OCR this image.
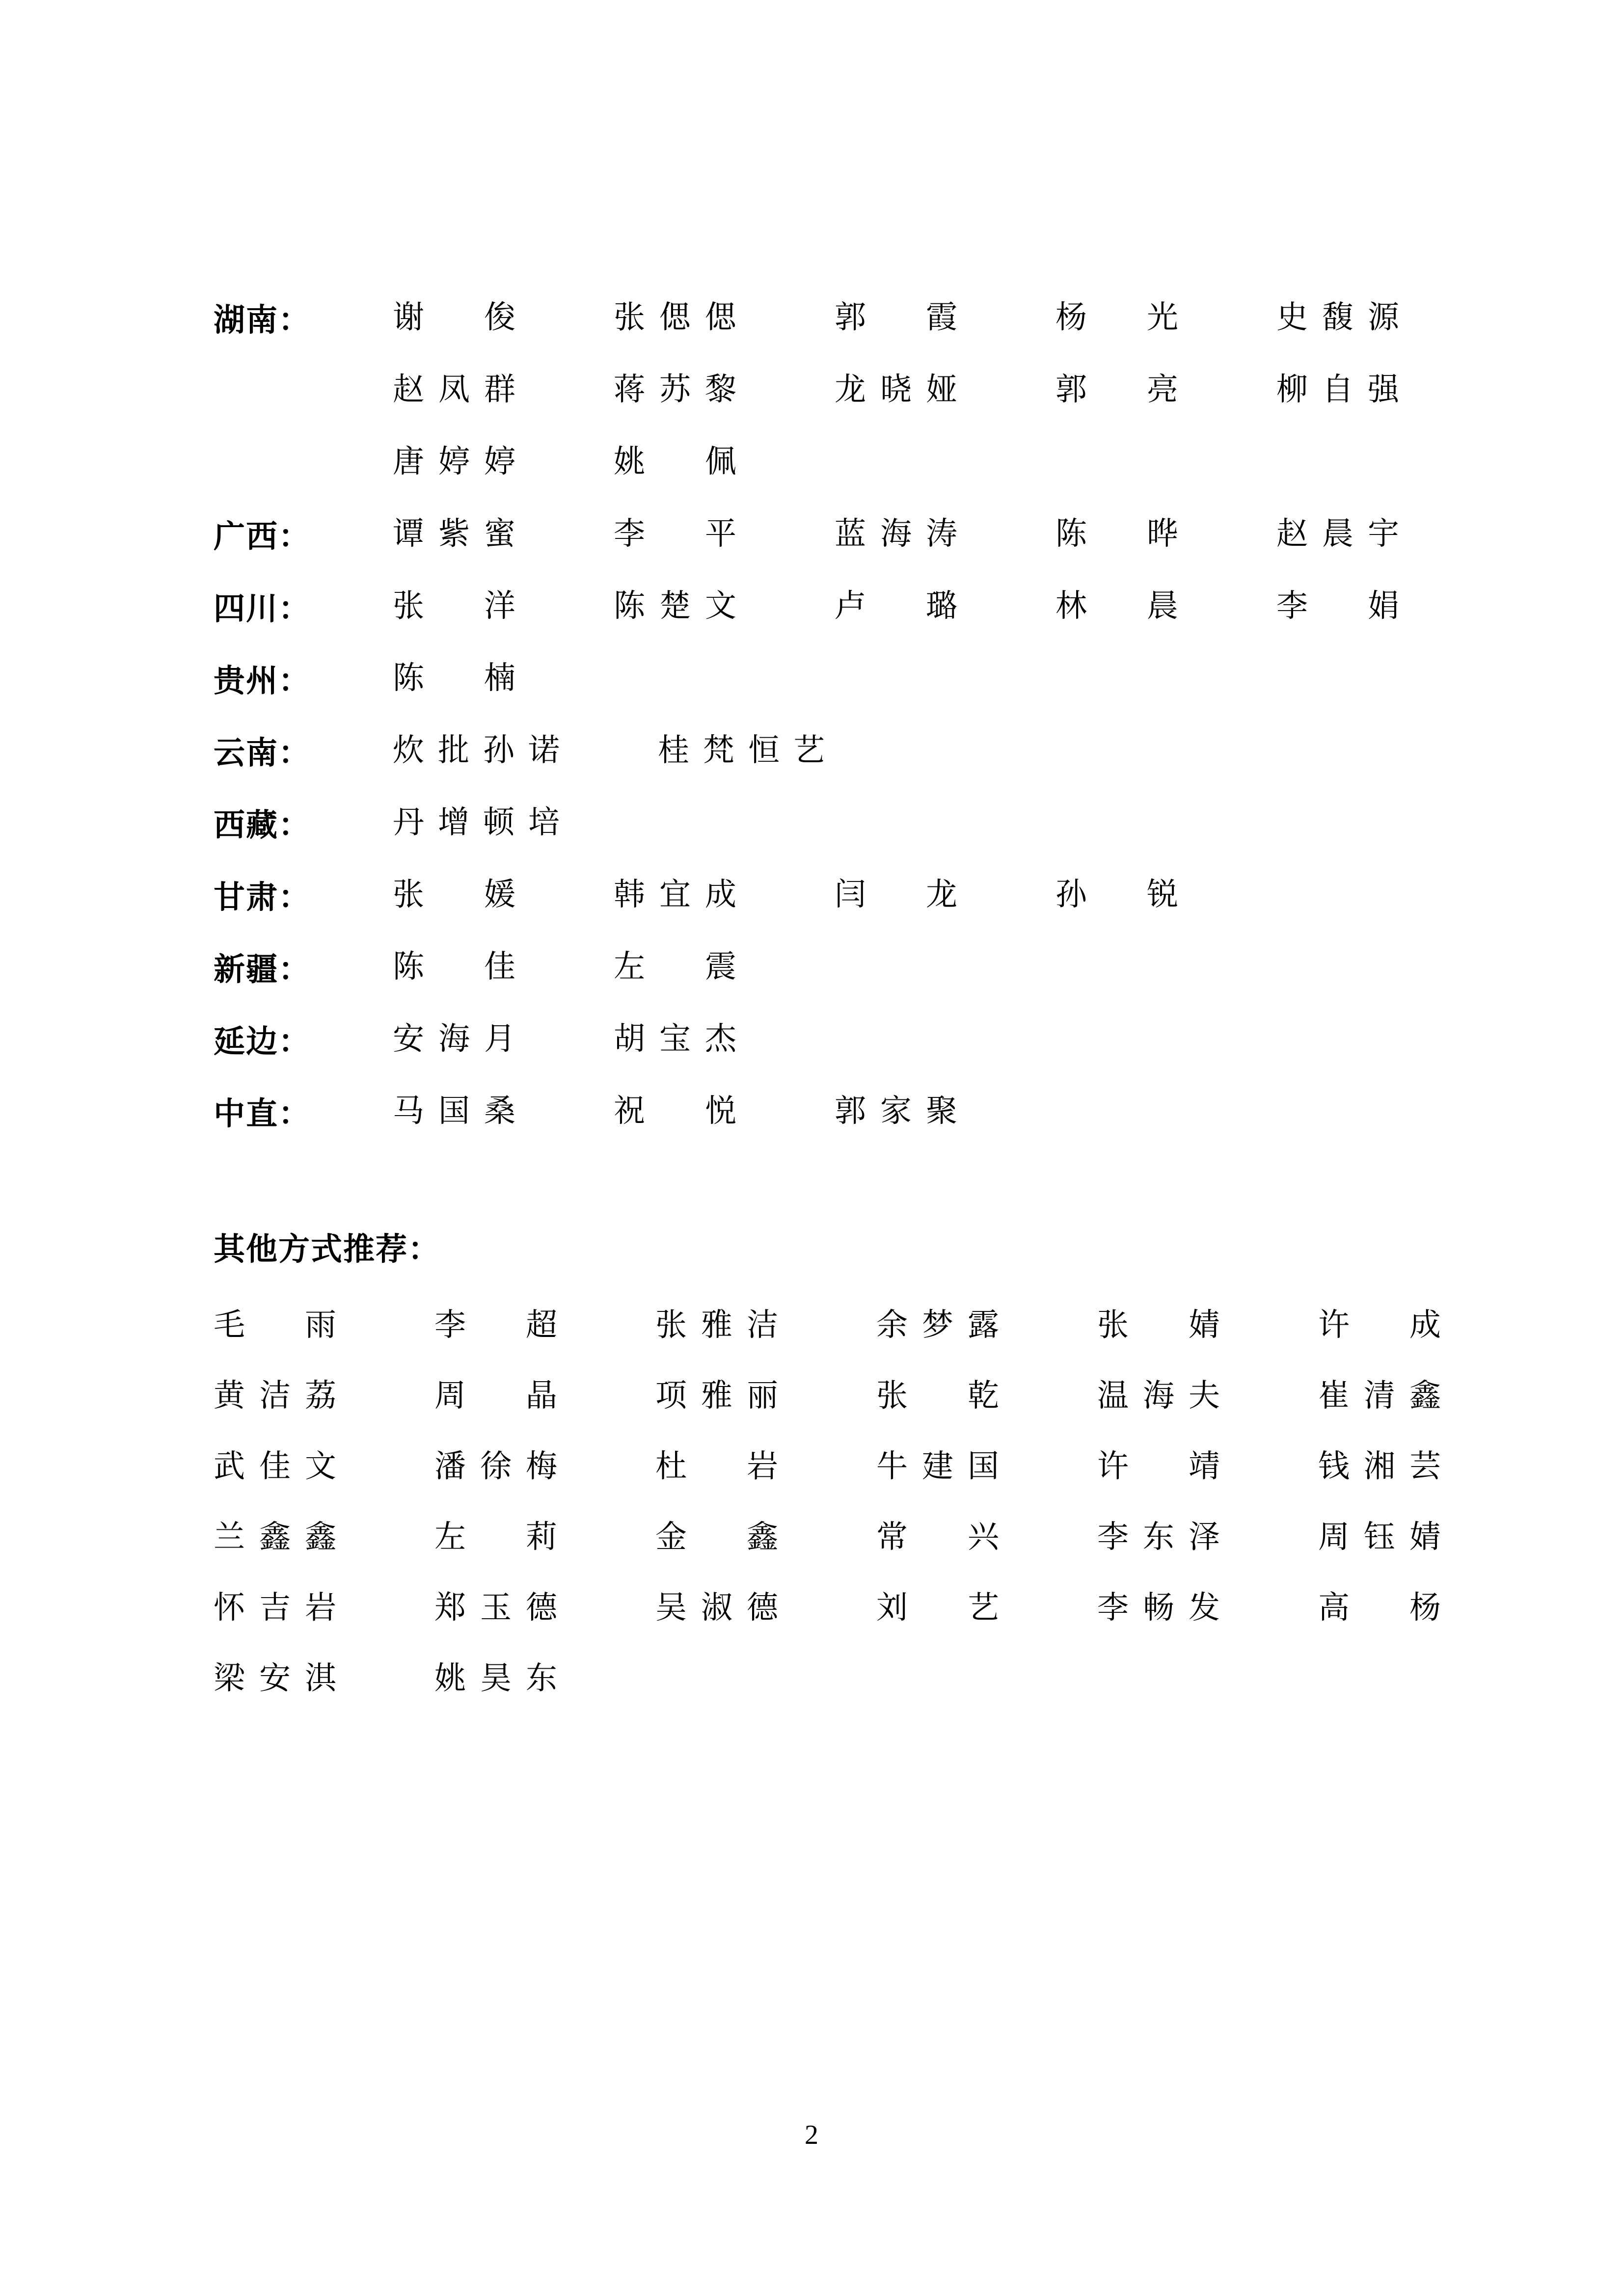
湖南：	谢 俊	张 偲 偲	郭 霞	杨 光	史 馥 源
赵 凤 群	蒋 苏 黎	龙 晓 娅	郭 亮	柳 自 强
唐 婷 婷	姚 佩
广西：	谭 紫 蜜	李 平	蓝 海 涛	陈 晔	赵 晨 宇
四川：	张 洋	陈 楚 文	卢 璐	林 晨	李 娟
贵州：	陈 楠
云南：	炊 批 孙 诺	桂 梵 恒 艺
西藏：	丹 增 顿 培
甘肃：	张 媛	韩 宜 成	闫 龙	孙 锐
新疆：	陈 佳	左 震
延边：	安 海 月	胡 宝 杰
中直：	马 国 桑	祝 悦	郭 家 聚
其他方式推荐：
毛 雨	李 超	张 雅 洁	余 梦 露	张 婧	许 成
黄 洁 荔	周 晶	项 雅 丽	张 乾	温 海 夫	崔 清 鑫
武 佳 文	潘 徐 梅	杜 岩	牛 建 国	许 靖	钱 湘 芸
兰 鑫 鑫	左 莉	金 鑫	常 兴	李 东 泽	周 钰 婧
怀 吉 岩	郑 玉 德	吴 淑 德	刘 艺	李 畅 发	高 杨
梁 安 淇	姚 昊 东
2
